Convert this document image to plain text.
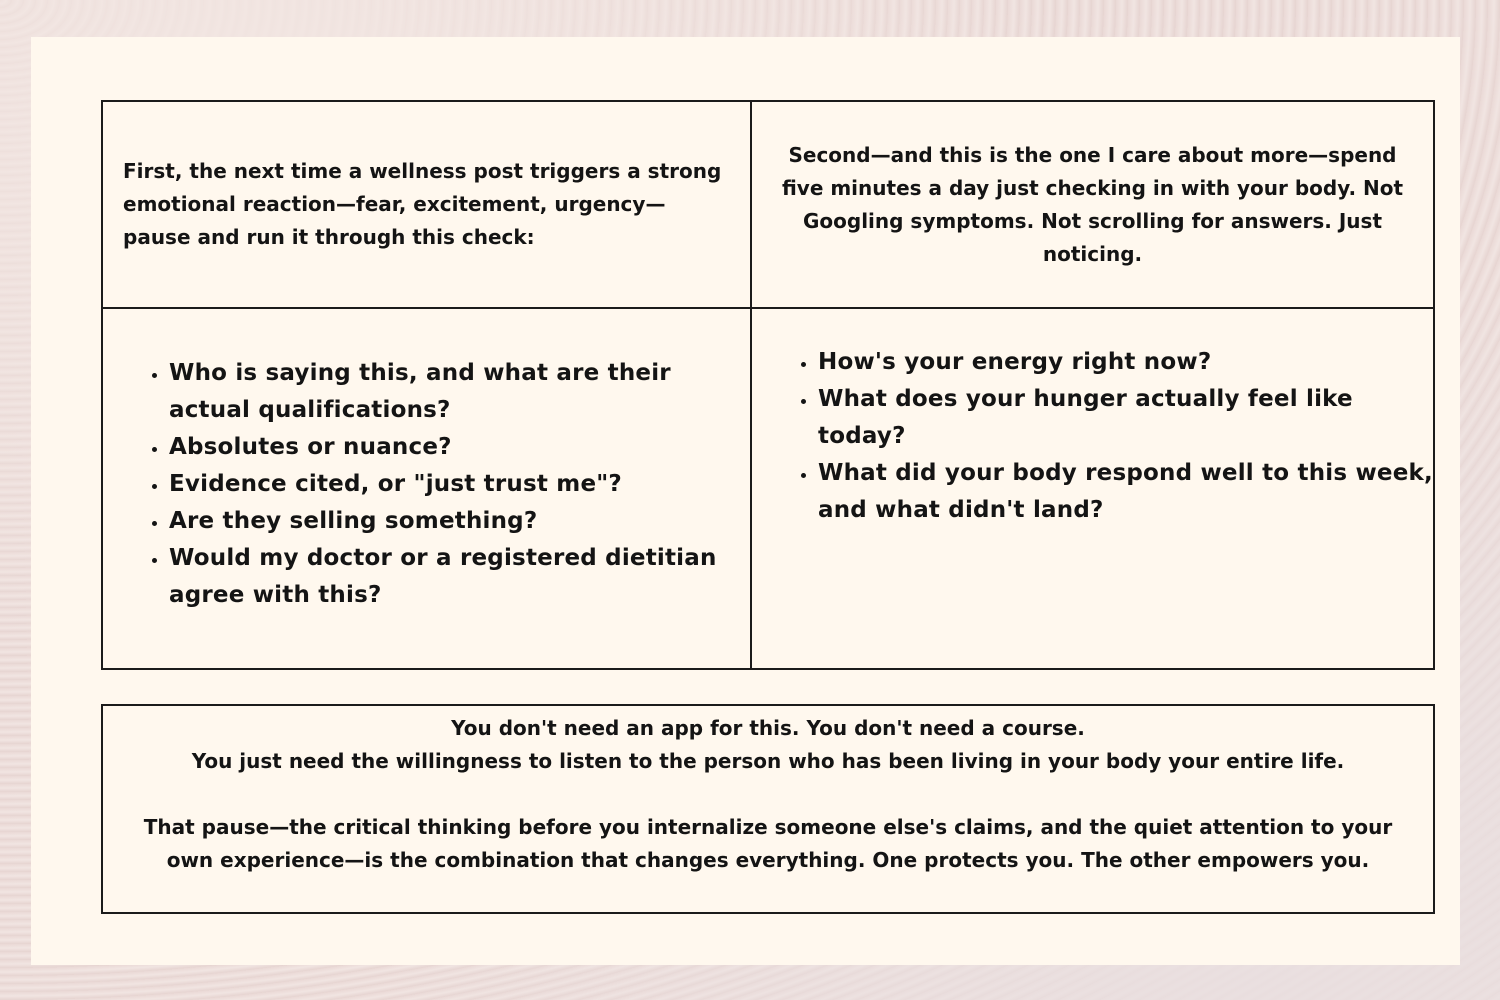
First, the next time a wellness post triggers a strong emotional reaction—fear, excitement, urgency—pause and run it through this check:
Second—and this is the one I care about more—spend five minutes a day just checking in with your body. Not Googling symptoms. Not scrolling for answers. Just noticing.
• Who is saying this, and what are their actual qualifications?
• Absolutes or nuance?
• Evidence cited, or "just trust me"?
• Are they selling something?
• Would my doctor or a registered dietitian agree with this?
• How's your energy right now?
• What does your hunger actually feel like today?
• What did your body respond well to this week, and what didn't land?

You don't need an app for this. You don't need a course.

You just need the willingness to listen to the person who has been living in your body your entire life.

That pause—the critical thinking before you internalize someone else's claims, and the quiet attention to your own experience—is the combination that changes everything. One protects you. The other empowers you.
